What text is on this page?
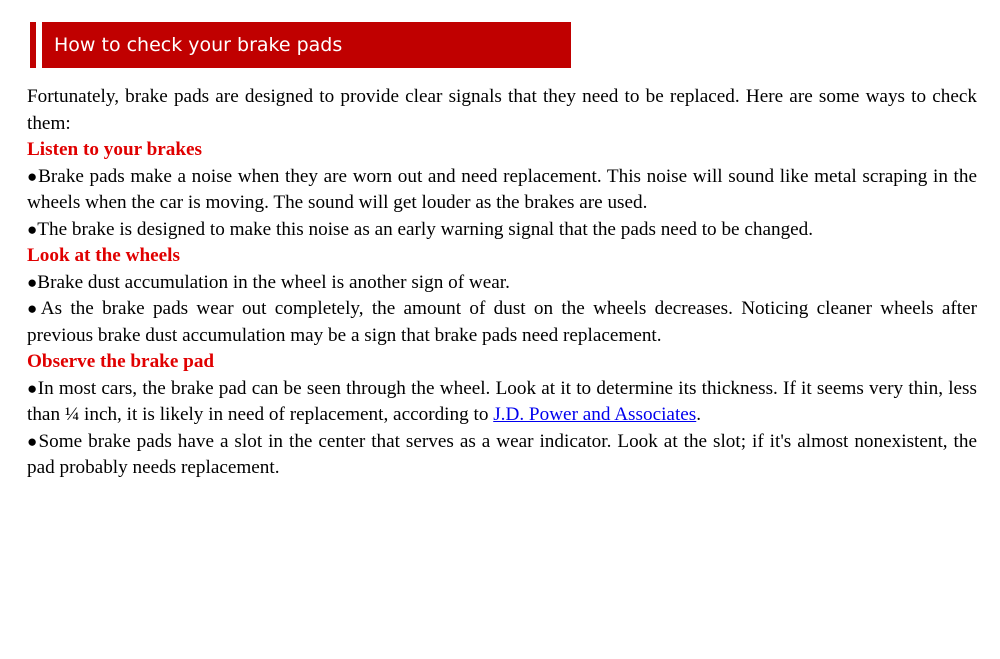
How to check your brake pads

Fortunately, brake pads are designed to provide clear signals that they need to be replaced. Here are some ways to check them:

Listen to your brakes

●Brake pads make a noise when they are worn out and need replacement. This noise will sound like metal scraping in the wheels when the car is moving. The sound will get louder as the brakes are used.

●The brake is designed to make this noise as an early warning signal that the pads need to be changed.

Look at the wheels

●Brake dust accumulation in the wheel is another sign of wear.

●As the brake pads wear out completely, the amount of dust on the wheels decreases. Noticing cleaner wheels after previous brake dust accumulation may be a sign that brake pads need replacement.

Observe the brake pad

●In most cars, the brake pad can be seen through the wheel. Look at it to determine its thickness. If it seems very thin, less than ¼ inch, it is likely in need of replacement, according to J.D. Power and Associates.

●Some brake pads have a slot in the center that serves as a wear indicator. Look at the slot; if it's almost nonexistent, the pad probably needs replacement.
